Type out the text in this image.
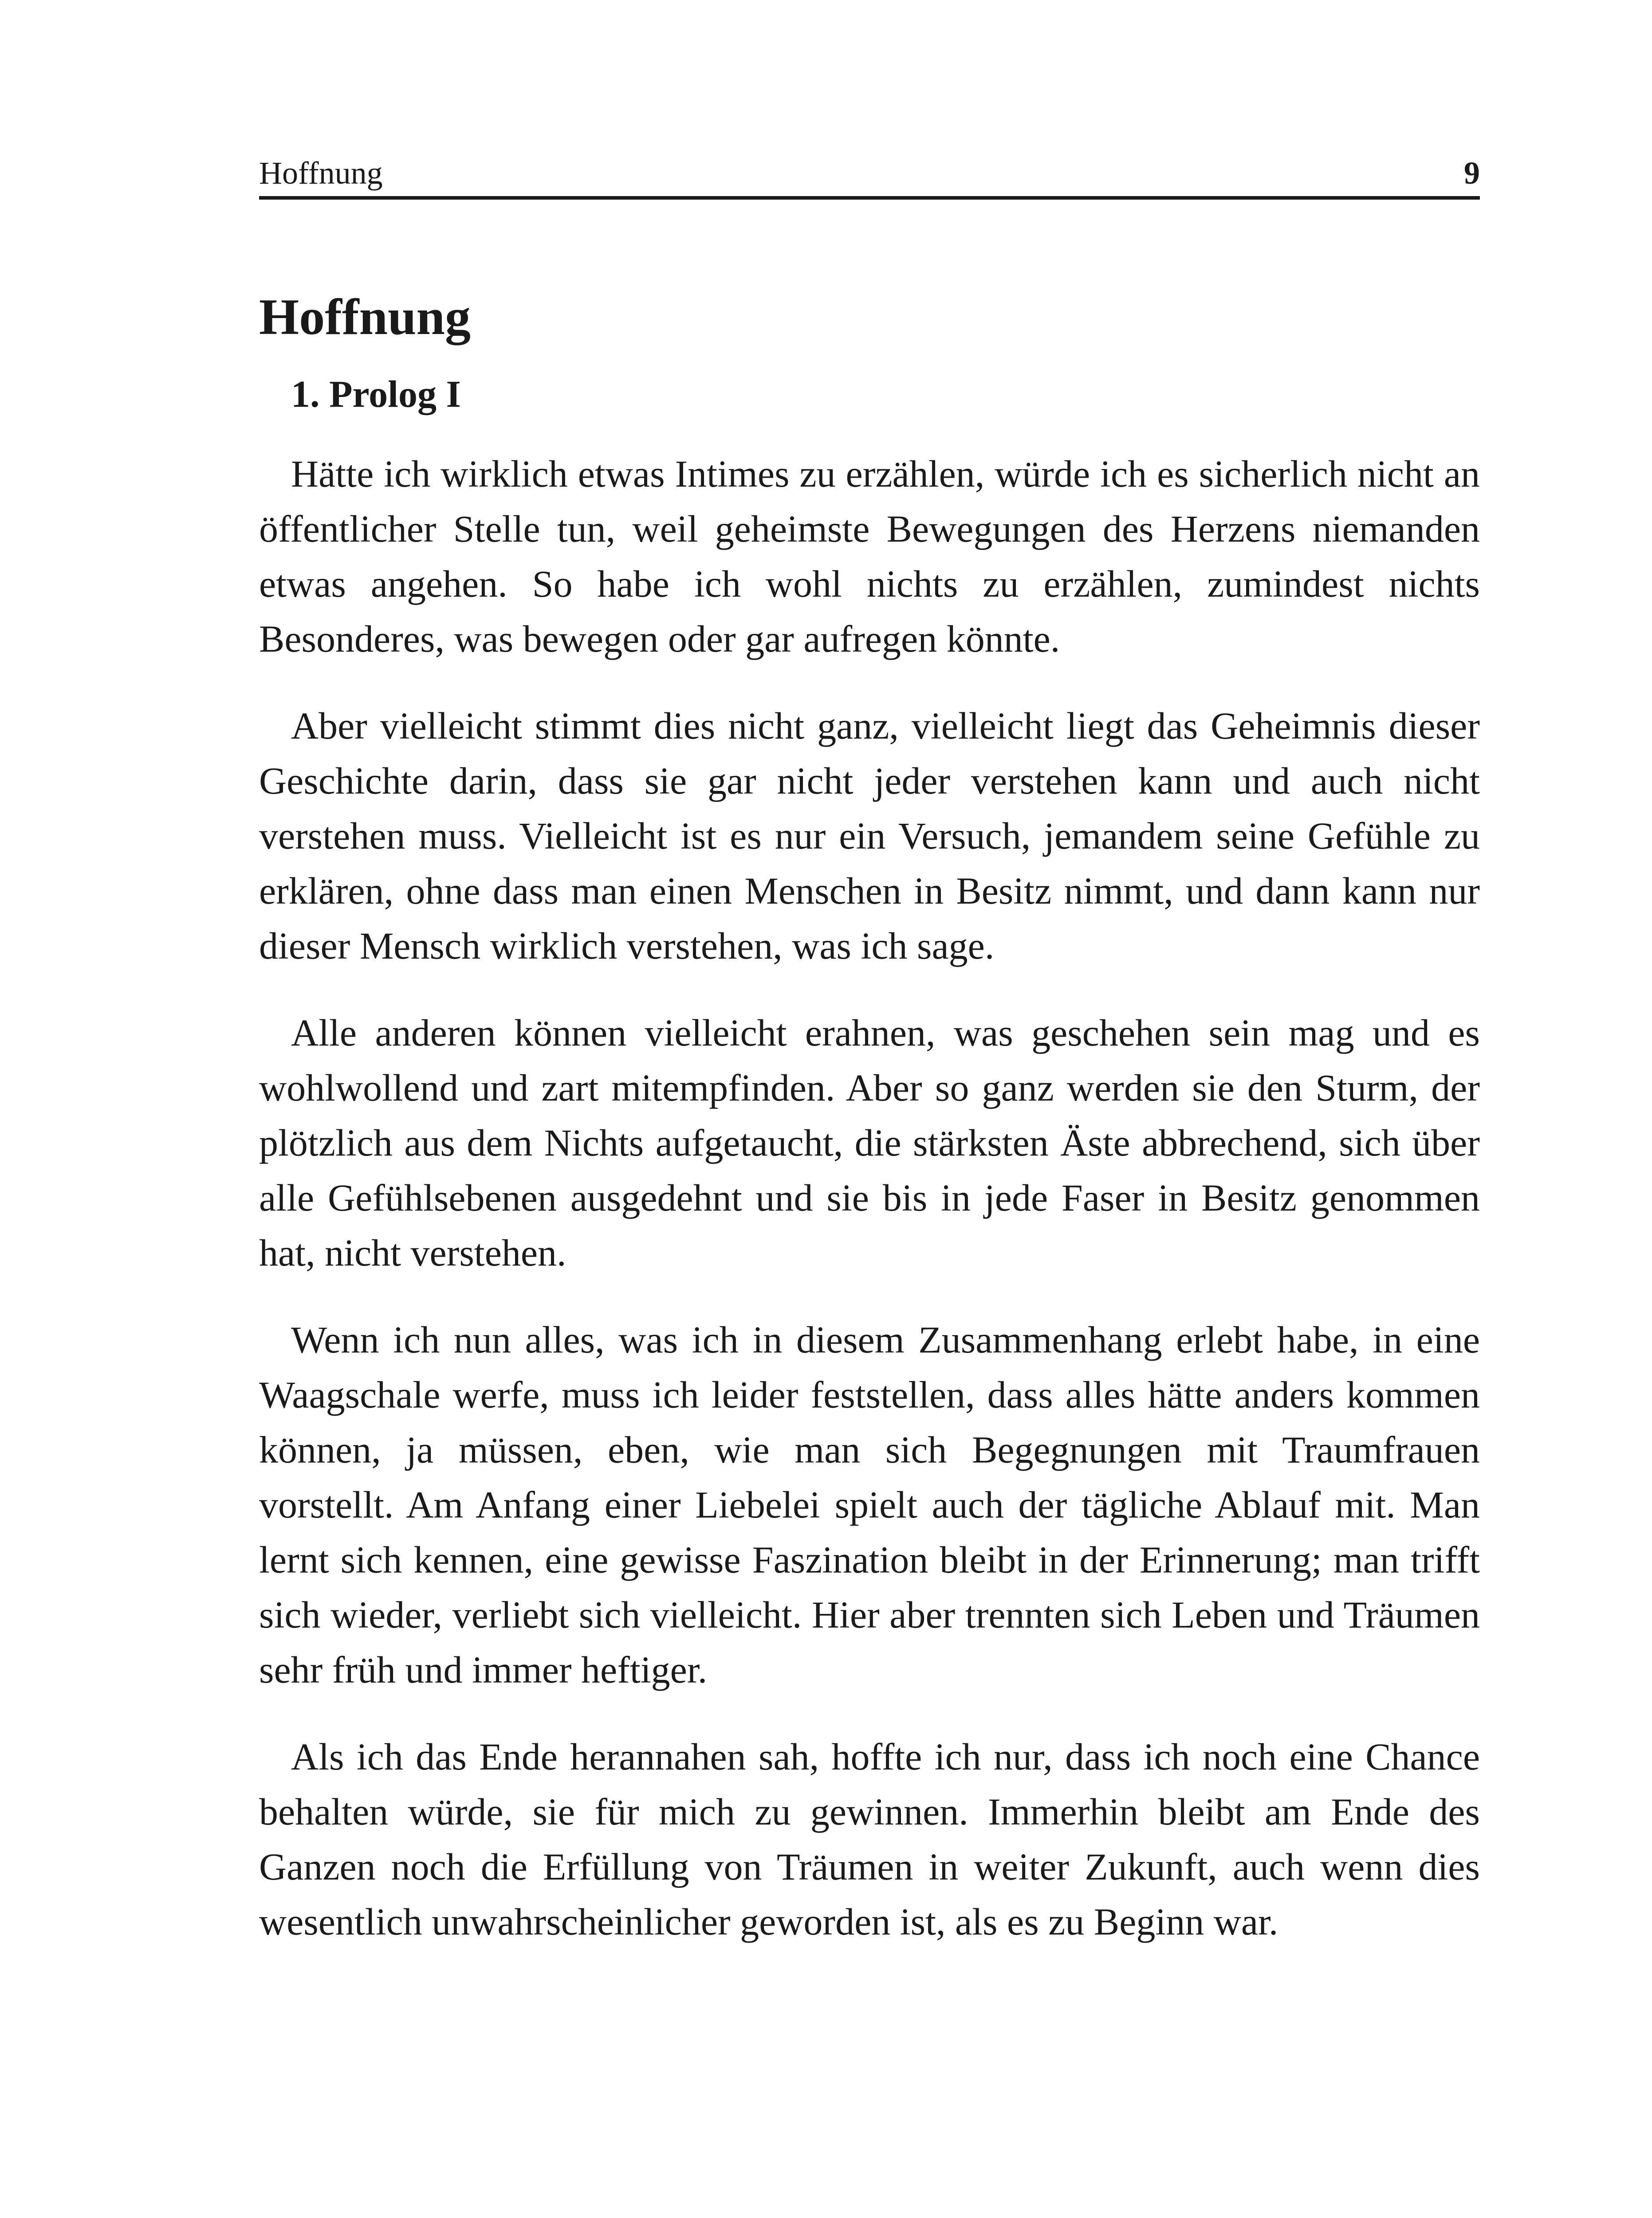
Hoffnung	9
Hoffnung
1. Prolog I

Hätte ich wirklich etwas Intimes zu erzählen, würde ich es sicherlich nicht an öffentlicher Stelle tun, weil geheimste Bewegungen des Herzens niemanden etwas angehen. So habe ich wohl nichts zu erzählen, zumindest nichts Besonderes, was bewegen oder gar aufregen könnte.

Aber vielleicht stimmt dies nicht ganz, vielleicht liegt das Geheimnis dieser Geschichte darin, dass sie gar nicht jeder verstehen kann und auch nicht verstehen muss. Vielleicht ist es nur ein Versuch, jemandem seine Gefühle zu erklären, ohne dass man einen Menschen in Besitz nimmt, und dann kann nur dieser Mensch wirklich verstehen, was ich sage.

Alle anderen können vielleicht erahnen, was geschehen sein mag und es wohlwollend und zart mitempfinden. Aber so ganz werden sie den Sturm, der plötzlich aus dem Nichts aufgetaucht, die stärksten Äste abbrechend, sich über alle Gefühlsebenen ausgedehnt und sie bis in jede Faser in Besitz genommen hat, nicht verstehen.

Wenn ich nun alles, was ich in diesem Zusammenhang erlebt habe, in eine Waagschale werfe, muss ich leider feststellen, dass alles hätte anders kommen können, ja müssen, eben, wie man sich Begegnungen mit Traumfrauen vorstellt. Am Anfang einer Liebelei spielt auch der tägliche Ablauf mit. Man lernt sich kennen, eine gewisse Faszination bleibt in der Erinnerung; man trifft sich wieder, verliebt sich vielleicht. Hier aber trennten sich Leben und Träumen sehr früh und immer heftiger.

Als ich das Ende herannahen sah, hoffte ich nur, dass ich noch eine Chance behalten würde, sie für mich zu gewinnen. Immerhin bleibt am Ende des Ganzen noch die Erfüllung von Träumen in weiter Zukunft, auch wenn dies wesentlich unwahrscheinlicher geworden ist, als es zu Beginn war.
